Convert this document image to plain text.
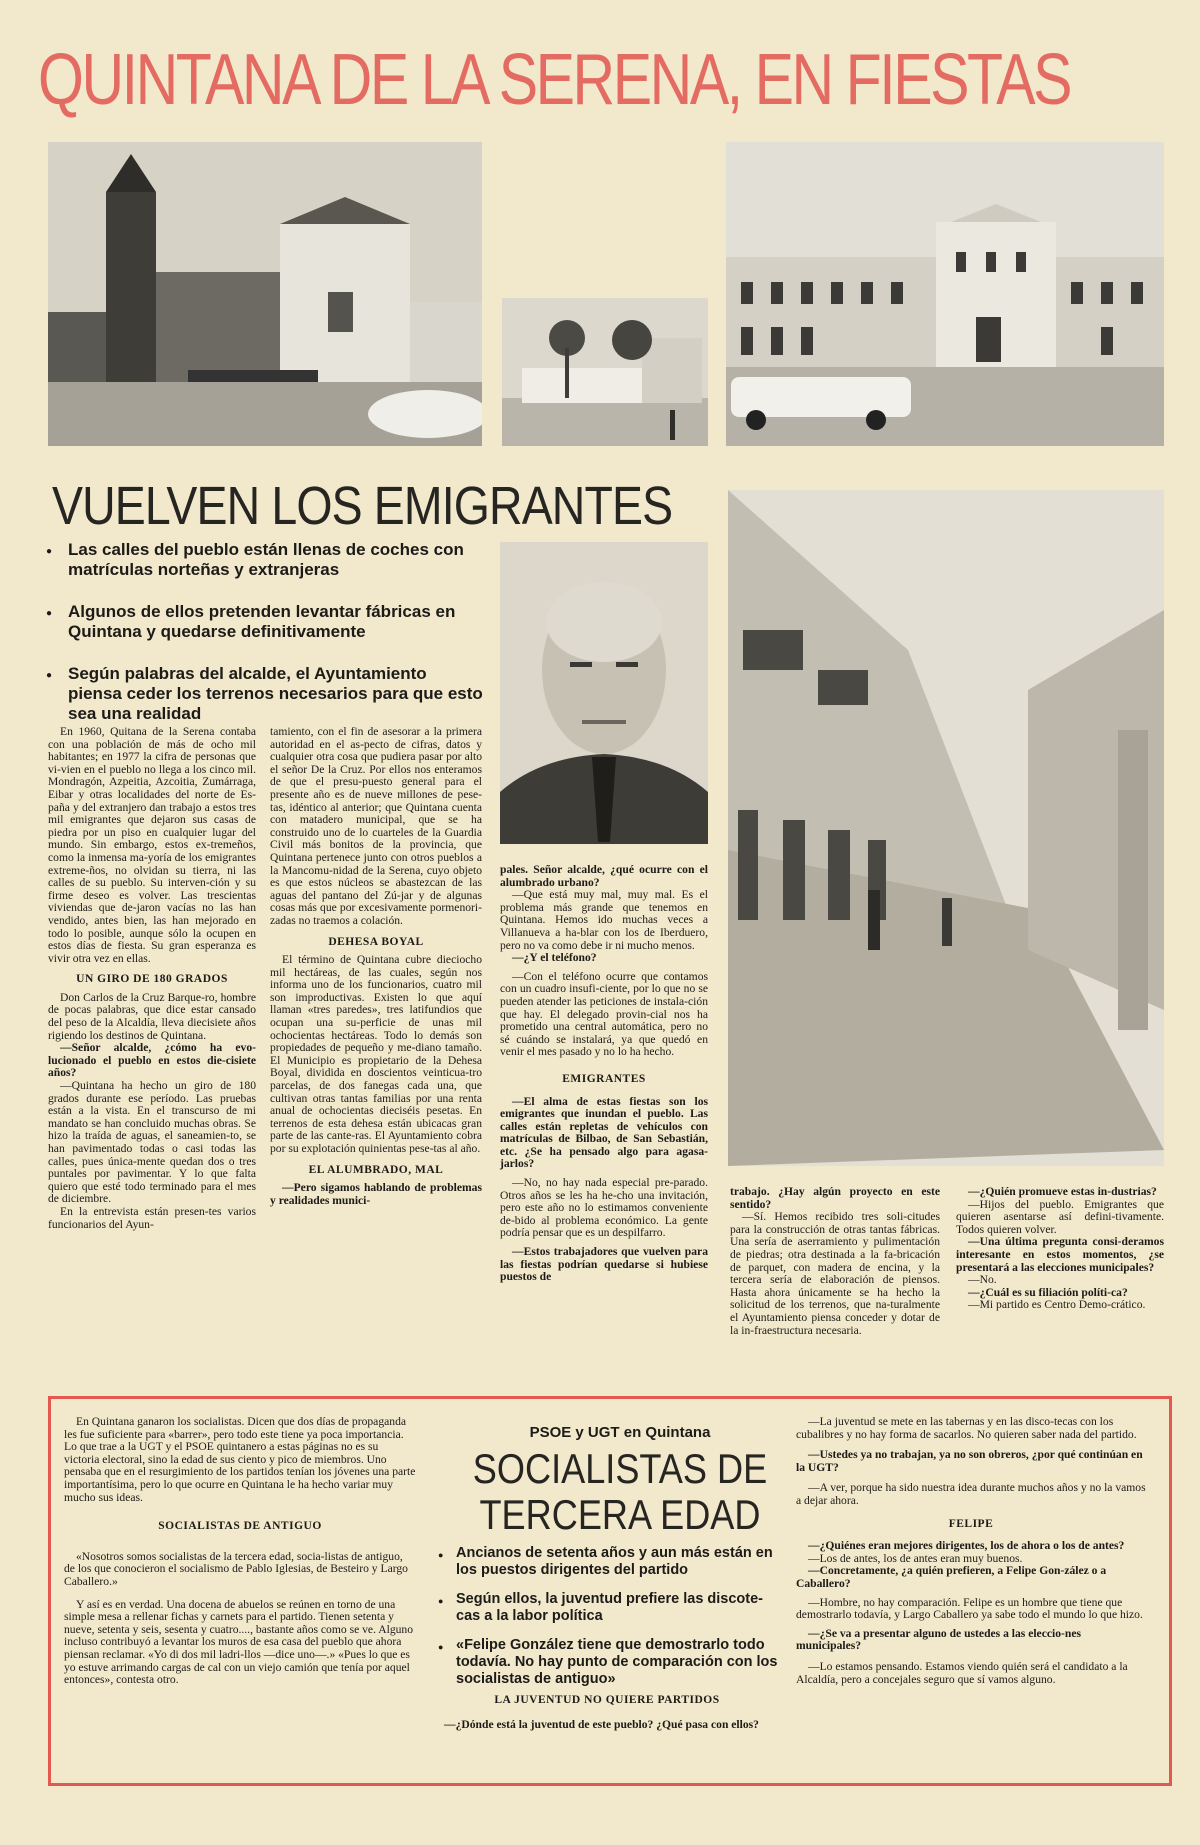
QUINTANA DE LA SERENA, EN FIESTAS
VUELVEN LOS EMIGRANTES
● Las calles del pueblo están llenas de coches con matrículas norteñas y extranjeras
● Algunos de ellos pretenden levantar fábricas en Quintana y quedarse definitivamente
● Según palabras del alcalde, el Ayuntamiento piensa ceder los terrenos necesarios para que esto sea una realidad

En 1960, Quitana de la Serena contaba con una población de más de ocho mil habitantes; en 1977 la cifra de personas que vi-vien en el pueblo no llega a los cinco mil. Mondragón, Azpeitia, Azcoitia, Zumárraga, Eibar y otras localidades del norte de Es-paña y del extranjero dan trabajo a estos tres mil emigrantes que dejaron sus casas de piedra por un piso en cualquier lugar del mundo. Sin embargo, estos ex-tremeños, como la inmensa ma-yoría de los emigrantes extreme-ños, no olvidan su tierra, ni las calles de su pueblo. Su interven-ción y su firme deseo es volver. Las trescientas viviendas que de-jaron vacías no las han vendido, antes bien, las han mejorado en todo lo posible, aunque sólo la ocupen en estos días de fiesta. Su gran esperanza es vivir otra vez en ellas.

UN GIRO DE 180 GRADOS

Don Carlos de la Cruz Barque-ro, hombre de pocas palabras, que dice estar cansado del peso de la Alcaldía, lleva diecisiete años rigiendo los destinos de Quintana.

—Señor alcalde, ¿cómo ha evo-lucionado el pueblo en estos die-cisiete años?

—Quintana ha hecho un giro de 180 grados durante ese período. Las pruebas están a la vista. En el transcurso de mi mandato se han concluido muchas obras. Se hizo la traída de aguas, el saneamien-to, se han pavimentado todas o casi todas las calles, pues única-mente quedan dos o tres puntales por pavimentar. Y lo que falta quiero que esté todo terminado para el mes de diciembre.

En la entrevista están presen-tes varios funcionarios del Ayun-

tamiento, con el fin de asesorar a la primera autoridad en el as-pecto de cifras, datos y cualquier otra cosa que pudiera pasar por alto el señor De la Cruz. Por ellos nos enteramos de que el presu-puesto general para el presente año es de nueve millones de pese-tas, idéntico al anterior; que Quintana cuenta con matadero municipal, que se ha construido uno de lo cuarteles de la Guardia Civil más bonitos de la provincia, que Quintana pertenece junto con otros pueblos a la Mancomu-nidad de la Serena, cuyo objeto es que estos núcleos se abastezcan de las aguas del pantano del Zú-jar y de algunas cosas más que por excesivamente pormenori-zadas no traemos a colación.

DEHESA BOYAL

El término de Quintana cubre dieciocho mil hectáreas, de las cuales, según nos informa uno de los funcionarios, cuatro mil son improductivas. Existen lo que aquí llaman «tres paredes», tres latifundios que ocupan una su-perficie de unas mil ochocientas hectáreas. Todo lo demás son propiedades de pequeño y me-diano tamaño. El Municipio es propietario de la Dehesa Boyal, dividida en doscientos veinticua-tro parcelas, de dos fanegas cada una, que cultivan otras tantas familias por una renta anual de ochocientas dieciséis pesetas. En terrenos de esta dehesa están ubicacas gran parte de las cante-ras. El Ayuntamiento cobra por su explotación quinientas pese-tas al año.

EL ALUMBRADO, MAL

—Pero sigamos hablando de problemas y realidades munici-

pales. Señor alcalde, ¿qué ocurre con el alumbrado urbano?

—Que está muy mal, muy mal. Es el problema más grande que tenemos en Quintana. Hemos ido muchas veces a Villanueva a ha-blar con los de Iberduero, pero no va como debe ir ni mucho menos.

—¿Y el teléfono?

—Con el teléfono ocurre que contamos con un cuadro insufi-ciente, por lo que no se pueden atender las peticiones de instala-ción que hay. El delegado provin-cial nos ha prometido una central automática, pero no sé cuándo se instalará, ya que quedó en venir el mes pasado y no lo ha hecho.

EMIGRANTES

—El alma de estas fiestas son los emigrantes que inundan el pueblo. Las calles están repletas de vehículos con matrículas de Bilbao, de San Sebastián, etc. ¿Se ha pensado algo para agasa-jarlos?

—No, no hay nada especial pre-parado. Otros años se les ha he-cho una invitación, pero este año no lo estimamos conveniente de-bido al problema económico. La gente podría pensar que es un despilfarro.

—Estos trabajadores que vuelven para las fiestas podrían quedarse si hubiese puestos de

trabajo. ¿Hay algún proyecto en este sentido?

—Sí. Hemos recibido tres soli-citudes para la construcción de otras tantas fábricas. Una sería de aserramiento y pulimentación de piedras; otra destinada a la fa-bricación de parquet, con madera de encina, y la tercera sería de elaboración de piensos. Hasta ahora únicamente se ha hecho la solicitud de los terrenos, que na-turalmente el Ayuntamiento piensa conceder y dotar de la in-fraestructura necesaria.

—¿Quién promueve estas in-dustrias?

—Hijos del pueblo. Emigrantes que quieren asentarse así defini-tivamente. Todos quieren volver.

—Una última pregunta consi-deramos interesante en estos momentos, ¿se presentará a las elecciones municipales?

—No.

—¿Cuál es su filiación políti-ca?

—Mi partido es Centro Demo-crático.

En Quintana ganaron los socialistas. Dicen que dos días de propaganda les fue suficiente para «barrer», pero todo este tiene ya poca importancia. Lo que trae a la UGT y el PSOE quintanero a estas páginas no es su victoria electoral, sino la edad de sus ciento y pico de miembros. Uno pensaba que en el resurgimiento de los partidos tenían los jóvenes una parte importantísima, pero lo que ocurre en Quintana le ha hecho variar muy mucho sus ideas.

SOCIALISTAS DE ANTIGUO

«Nosotros somos socialistas de la tercera edad, socia-listas de antiguo, de los que conocieron el socialismo de Pablo Iglesias, de Besteiro y Largo Caballero.»

Y así es en verdad. Una docena de abuelos se reúnen en torno de una simple mesa a rellenar fichas y carnets para el partido. Tienen setenta y nueve, setenta y seis, sesenta y cuatro...., bastante años como se ve. Alguno incluso contribuyó a levantar los muros de esa casa del pueblo que ahora piensan reclamar. «Yo di dos mil ladri-llos —dice uno—.» «Pues lo que es yo estuve arrimando cargas de cal con un viejo camión que tenía por aquel entonces», contesta otro.

PSOE y UGT en Quintana
SOCIALISTAS DE
TERCERA EDAD
● Ancianos de setenta años y aun más están en los puestos dirigentes del partido
● Según ellos, la juventud prefiere las discote-cas a la labor política
● «Felipe González tiene que demostrarlo todo todavía. No hay punto de comparación con los socialistas de antiguo»

LA JUVENTUD NO QUIERE PARTIDOS

—¿Dónde está la juventud de este pueblo? ¿Qué pasa con ellos?

—La juventud se mete en las tabernas y en las disco-tecas con los cubalibres y no hay forma de sacarlos. No quieren saber nada del partido.

—Ustedes ya no trabajan, ya no son obreros, ¿por qué continúan en la UGT?

—A ver, porque ha sido nuestra idea durante muchos años y no la vamos a dejar ahora.

FELIPE

—¿Quiénes eran mejores dirigentes, los de ahora o los de antes?

—Los de antes, los de antes eran muy buenos.

—Concretamente, ¿a quién prefieren, a Felipe Gon-zález o a Caballero?

—Hombre, no hay comparación. Felipe es un hombre que tiene que demostrarlo todavía, y Largo Caballero ya sabe todo el mundo lo que hizo.

—¿Se va a presentar alguno de ustedes a las eleccio-nes municipales?

—Lo estamos pensando. Estamos viendo quién será el candidato a la Alcaldía, pero a concejales seguro que sí vamos alguno.
